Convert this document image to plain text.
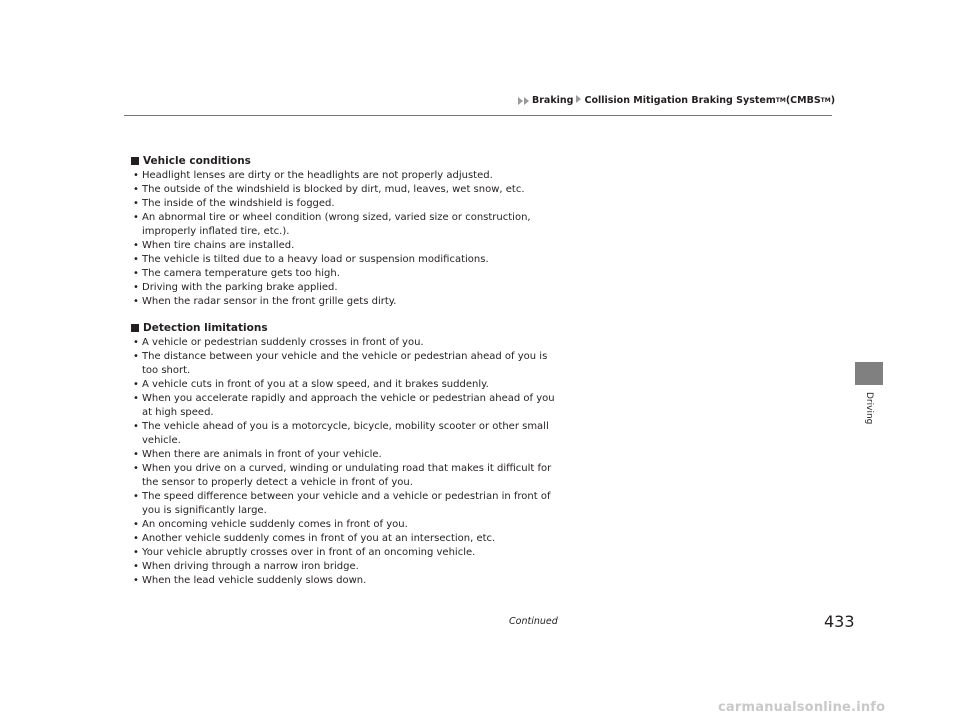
Braking Collision Mitigation Braking System TM (CMBS TM )
Driving
Vehicle conditions
• Headlight lenses are dirty or the headlights are not properly adjusted.
• The outside of the windshield is blocked by dirt, mud, leaves, wet snow, etc.
• The inside of the windshield is fogged.
• An abnormal tire or wheel condition (wrong sized, varied size or construction, improperly inflated tire, etc.).
• When tire chains are installed.
• The vehicle is tilted due to a heavy load or suspension modifications.
• The camera temperature gets too high.
• Driving with the parking brake applied.
• When the radar sensor in the front grille gets dirty.
Detection limitations
• A vehicle or pedestrian suddenly crosses in front of you.
• The distance between your vehicle and the vehicle or pedestrian ahead of you is too short.
• A vehicle cuts in front of you at a slow speed, and it brakes suddenly.
• When you accelerate rapidly and approach the vehicle or pedestrian ahead of you at high speed.
• The vehicle ahead of you is a motorcycle, bicycle, mobility scooter or other small vehicle.
• When there are animals in front of your vehicle.
• When you drive on a curved, winding or undulating road that makes it difficult for the sensor to properly detect a vehicle in front of you.
• The speed difference between your vehicle and a vehicle or pedestrian in front of you is significantly large.
• An oncoming vehicle suddenly comes in front of you.
• Another vehicle suddenly comes in front of you at an intersection, etc.
• Your vehicle abruptly crosses over in front of an oncoming vehicle.
• When driving through a narrow iron bridge.
• When the lead vehicle suddenly slows down.
Continued	433
carmanualsonline.info
